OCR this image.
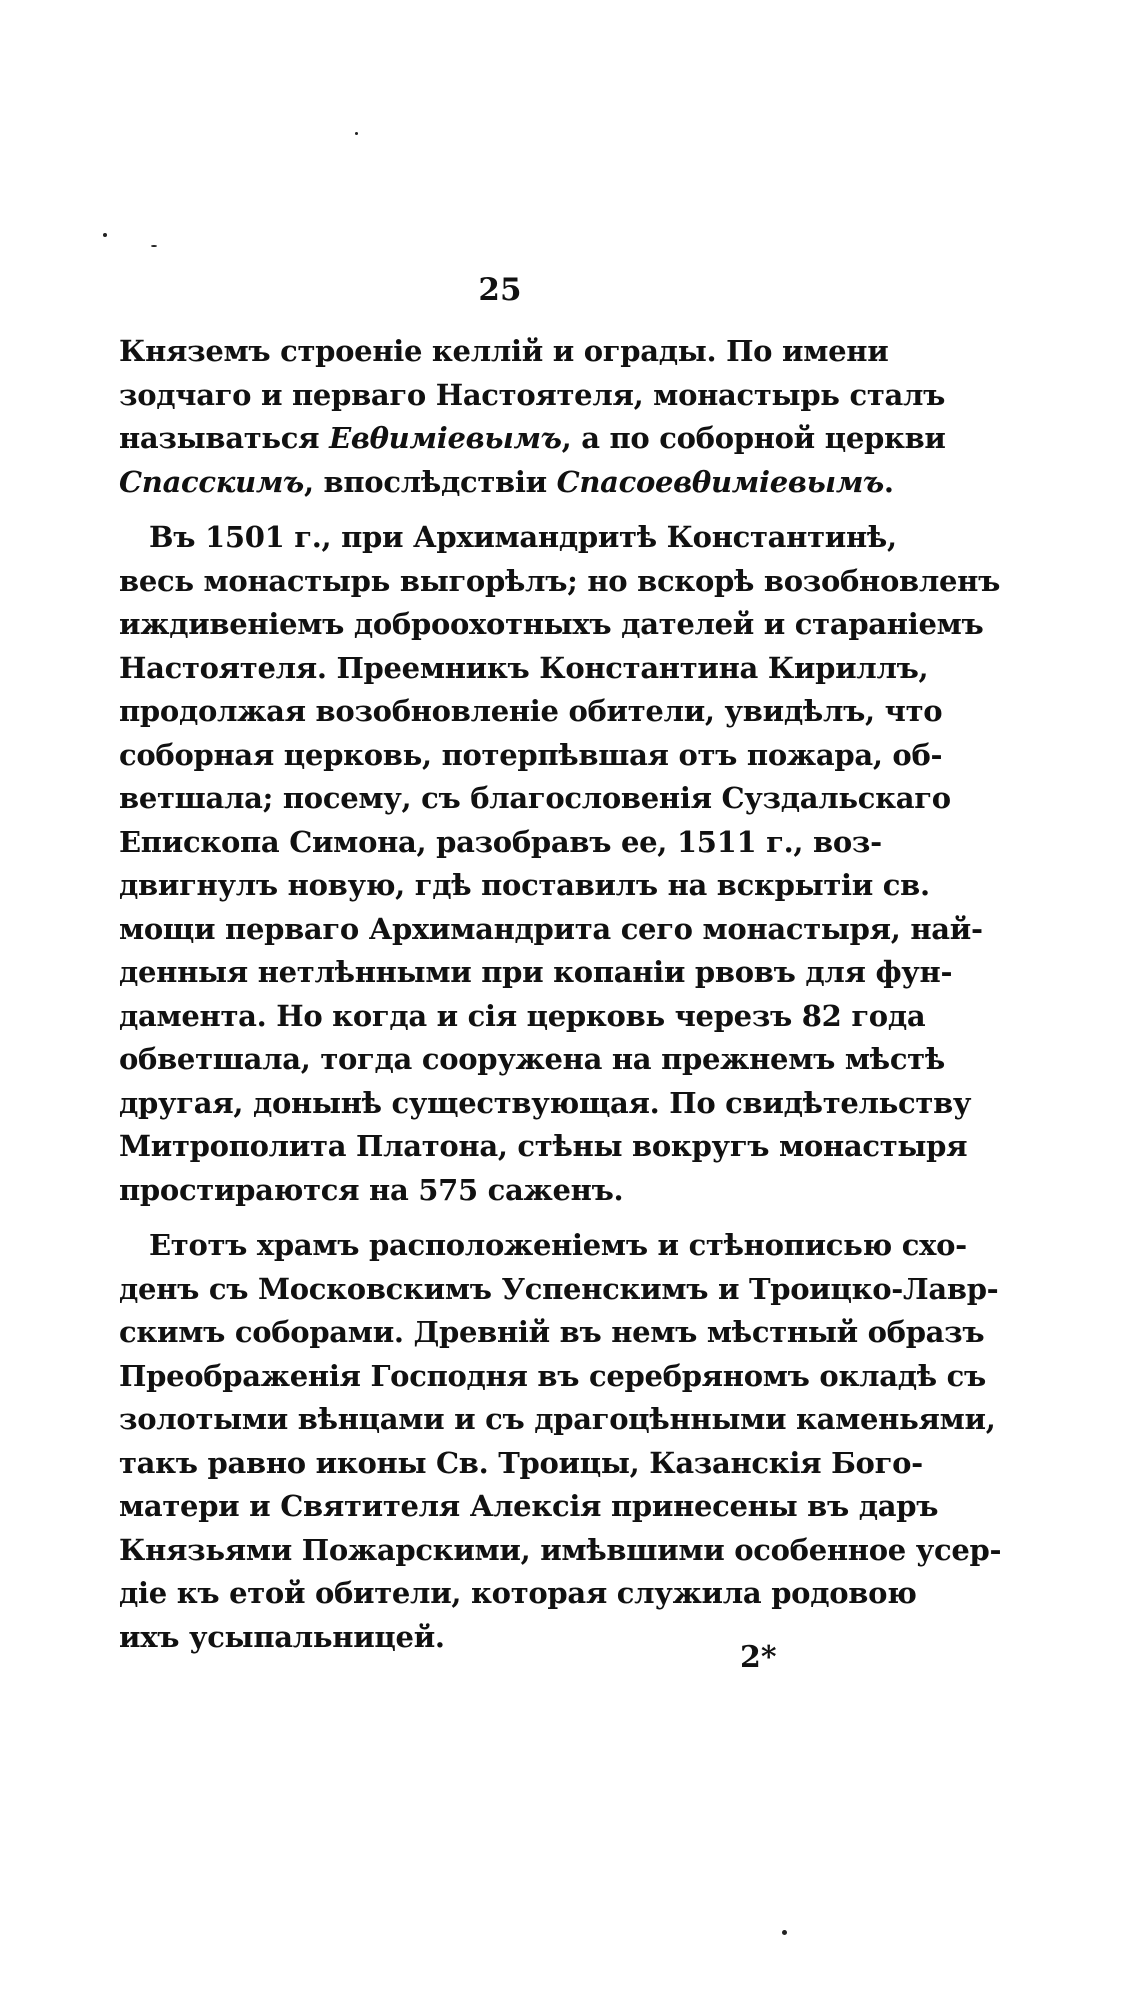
25
Княземъ строеніе келлій и ограды. По имени
зодчаго и перваго Настоятеля, монастырь сталъ
называться Евθиміевымъ, а по соборной церкви
Спасскимъ, впослѣдствіи Спасоевθиміевымъ.
Въ 1501 г., при Архимандритѣ Константинѣ,
весь монастырь выгорѣлъ; но вскорѣ возобновленъ
иждивеніемъ доброохотныхъ дателей и стараніемъ
Настоятеля. Преемникъ Константина Кириллъ,
продолжая возобновленіе обители, увидѣлъ, что
соборная церковь, потерпѣвшая отъ пожара, об-
ветшала; посему, съ благословенія Суздальскаго
Епископа Симона, разобравъ ее, 1511 г., воз-
двигнулъ новую, гдѣ поставилъ на вскрытіи св.
мощи перваго Архимандрита сего монастыря, най-
денныя нетлѣнными при копаніи рвовъ для фун-
дамента. Но когда и сія церковь черезъ 82 года
обветшала, тогда сооружена на прежнемъ мѣстѣ
другая, донынѣ существующая. По свидѣтельству
Митрополита Платона, стѣны вокругъ монастыря
простираются на 575 саженъ.
Етотъ храмъ расположеніемъ и стѣнописью схо-
денъ съ Московскимъ Успенскимъ и Троицко-Лавр-
скимъ соборами. Древній въ немъ мѣстный образъ
Преображенія Господня въ серебряномъ окладѣ съ
золотыми вѣнцами и съ драгоцѣнными каменьями,
такъ равно иконы Св. Троицы, Казанскія Бого-
матери и Святителя Алексія принесены въ даръ
Князьями Пожарскими, имѣвшими особенное усер-
діе къ етой обители, которая служила родовою
ихъ усыпальницей.
2*
